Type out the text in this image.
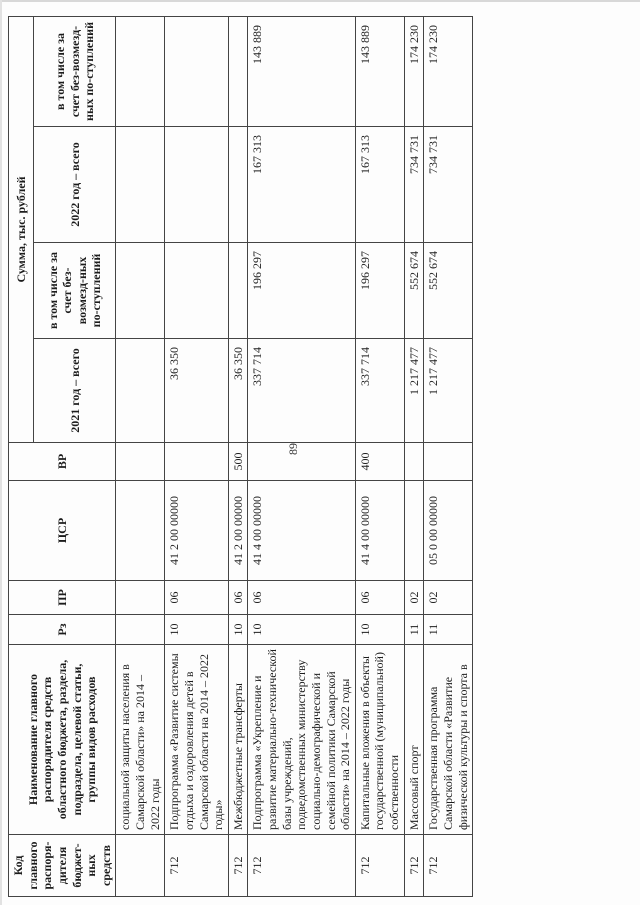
89
Код главного распоря-дителя бюджет-ных средств	Наименование главного распорядителя средств областного бюджета, раздела, подраздела, целевой статьи, группы видов расходов	Рз	ПР	ЦСР	ВР	Сумма, тыс. рублей			
						2021 год – всего	в том числе за счет без-возмезд-ных по-ступлений	2022 год – всего	в том числе за счет без-возмезд-ных по-ступлений
	социальной защиты населения в Самарской области» на 2014 – 2022 годы								
712	Подпрограмма «Развитие системы отдыха и оздоровления детей в Самарской области на 2014 – 2022 годы»	10	06	41 2 00 00000		36 350			
712	Межбюджетные трансферты	10	06	41 2 00 00000	500	36 350			
712	Подпрограмма «Укрепление и развитие материально-технической базы учреждений, подведомственных министерству социально-демографической и семейной политики Самарской области» на 2014 – 2022 годы	10	06	41 4 00 00000		337 714	196 297	167 313	143 889
712	Капитальные вложения в объекты государственной (муниципальной) собственности	10	06	41 4 00 00000	400	337 714	196 297	167 313	143 889
712	Массовый спорт	11	02			1 217 477	552 674	734 731	174 230
712	Государственная программа Самарской области «Развитие физической культуры и спорта в	11	02	05 0 00 00000		1 217 477	552 674	734 731	174 230
